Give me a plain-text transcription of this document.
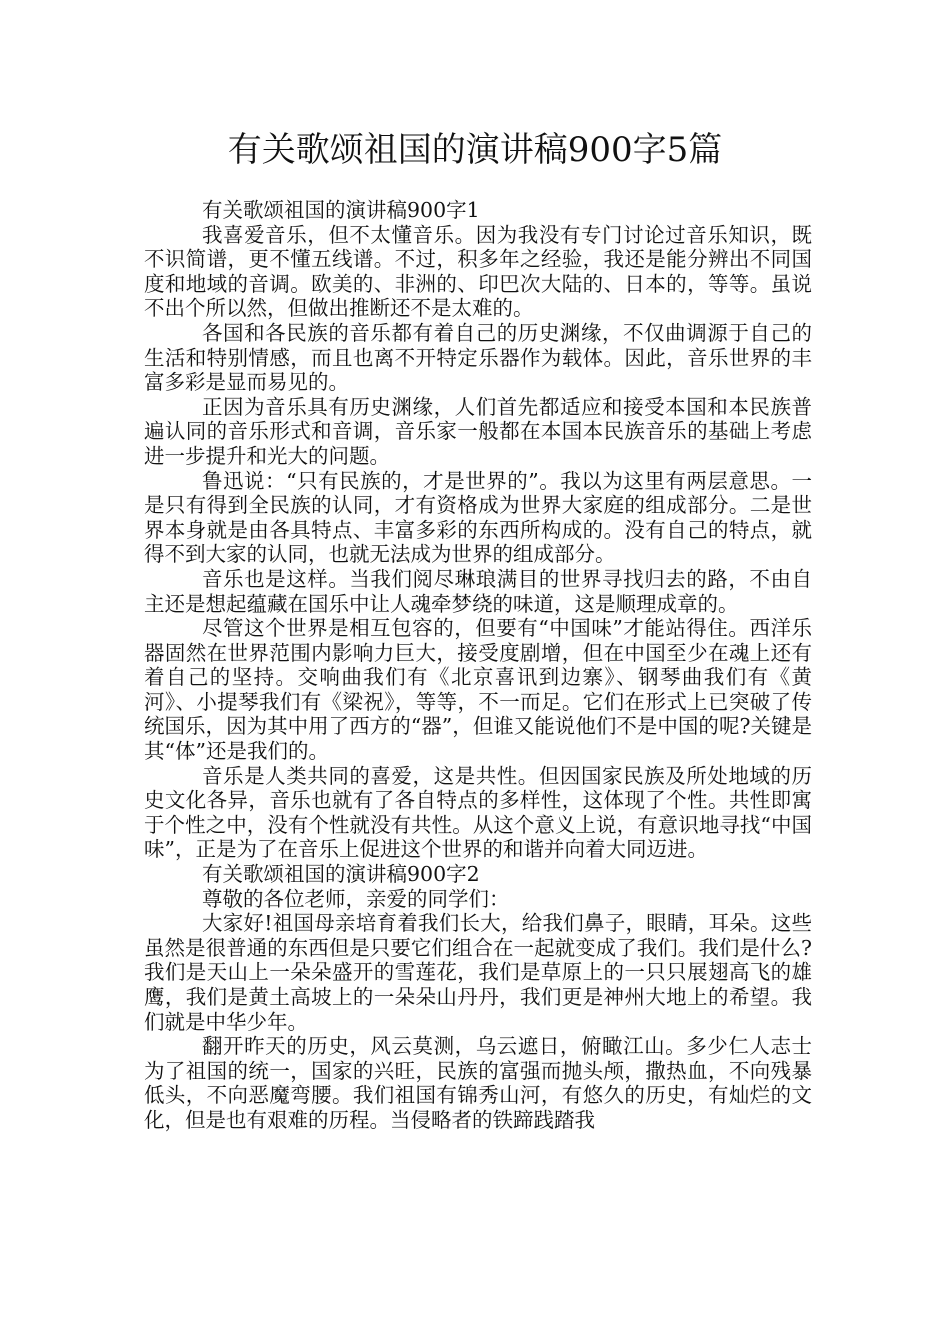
有关歌颂祖国的演讲稿900字5篇

有关歌颂祖国的演讲稿900字1

我喜爱音乐，但不太懂音乐。因为我没有专门讨论过音乐知识，既不识简谱，更不懂五线谱。不过，积多年之经验，我还是能分辨出不同国度和地域的音调。欧美的、非洲的、印巴次大陆的、日本的，等等。虽说不出个所以然，但做出推断还不是太难的。

各国和各民族的音乐都有着自己的历史渊缘，不仅曲调源于自己的生活和特别情感，而且也离不开特定乐器作为载体。因此，音乐世界的丰富多彩是显而易见的。

正因为音乐具有历史渊缘，人们首先都适应和接受本国和本民族普遍认同的音乐形式和音调，音乐家一般都在本国本民族音乐的基础上考虑进一步提升和光大的问题。

鲁迅说：“只有民族的，才是世界的”。我以为这里有两层意思。一是只有得到全民族的认同，才有资格成为世界大家庭的组成部分。二是世界本身就是由各具特点、丰富多彩的东西所构成的。没有自己的特点，就得不到大家的认同，也就无法成为世界的组成部分。

音乐也是这样。当我们阅尽琳琅满目的世界寻找归去的路，不由自主还是想起蕴藏在国乐中让人魂牵梦绕的味道，这是顺理成章的。

尽管这个世界是相互包容的，但要有“中国味”才能站得住。西洋乐器固然在世界范围内影响力巨大，接受度剧增，但在中国至少在魂上还有着自己的坚持。交响曲我们有《北京喜讯到边寨》、钢琴曲我们有《黄河》、小提琴我们有《梁祝》，等等，不一而足。它们在形式上已突破了传统国乐，因为其中用了西方的“器”，但谁又能说他们不是中国的呢?关键是其“体”还是我们的。

音乐是人类共同的喜爱，这是共性。但因国家民族及所处地域的历史文化各异，音乐也就有了各自特点的多样性，这体现了个性。共性即寓于个性之中，没有个性就没有共性。从这个意义上说，有意识地寻找“中国味”，正是为了在音乐上促进这个世界的和谐并向着大同迈进。

有关歌颂祖国的演讲稿900字2

尊敬的各位老师，亲爱的同学们：

大家好!祖国母亲培育着我们长大，给我们鼻子，眼睛，耳朵。这些虽然是很普通的东西但是只要它们组合在一起就变成了我们。我们是什么?我们是天山上一朵朵盛开的雪莲花，我们是草原上的一只只展翅高飞的雄鹰，我们是黄土高坡上的一朵朵山丹丹，我们更是神州大地上的希望。我们就是中华少年。

翻开昨天的历史，风云莫测，乌云遮日，俯瞰江山。多少仁人志士为了祖国的统一，国家的兴旺，民族的富强而抛头颅，撒热血，不向残暴低头，不向恶魔弯腰。我们祖国有锦秀山河，有悠久的历史，有灿烂的文化，但是也有艰难的历程。当侵略者的铁蹄践踏我
